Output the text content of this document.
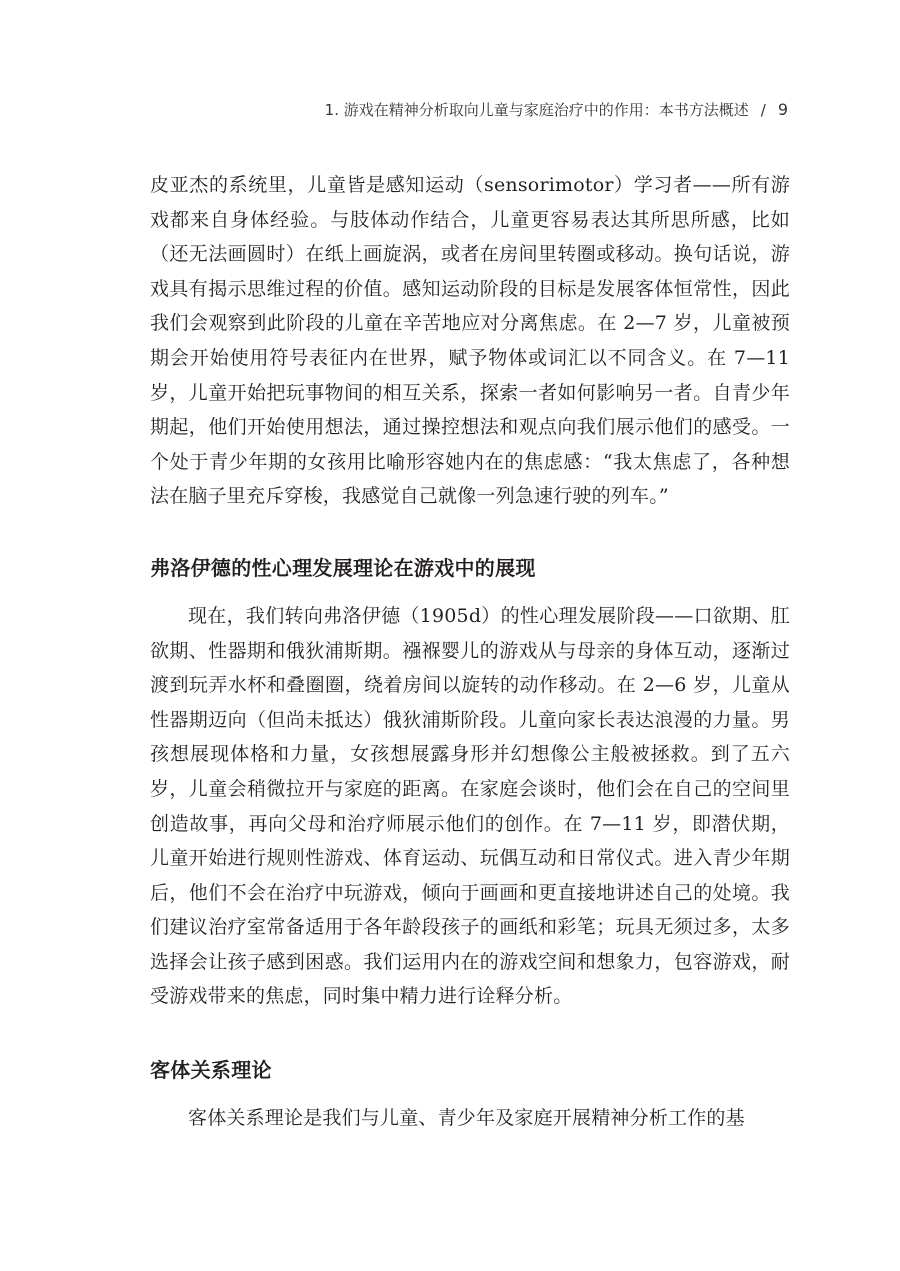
1. 游戏在精神分析取向儿童与家庭治疗中的作用：本书方法概述 / 9

皮亚杰的系统里，儿童皆是感知运动（sensorimotor）学习者——所有游戏都来自身体经验。与肢体动作结合，儿童更容易表达其所思所感，比如（还无法画圆时）在纸上画旋涡，或者在房间里转圈或移动。换句话说，游戏具有揭示思维过程的价值。感知运动阶段的目标是发展客体恒常性，因此我们会观察到此阶段的儿童在辛苦地应对分离焦虑。在 2—7 岁，儿童被预期会开始使用符号表征内在世界，赋予物体或词汇以不同含义。在 7—11 岁，儿童开始把玩事物间的相互关系，探索一者如何影响另一者。自青少年期起，他们开始使用想法，通过操控想法和观点向我们展示他们的感受。一个处于青少年期的女孩用比喻形容她内在的焦虑感：“我太焦虑了，各种想法在脑子里充斥穿梭，我感觉自己就像一列急速行驶的列车。”

弗洛伊德的性心理发展理论在游戏中的展现

现在，我们转向弗洛伊德（1905d）的性心理发展阶段——口欲期、肛欲期、性器期和俄狄浦斯期。襁褓婴儿的游戏从与母亲的身体互动，逐渐过渡到玩弄水杯和叠圈圈，绕着房间以旋转的动作移动。在 2—6 岁，儿童从性器期迈向（但尚未抵达）俄狄浦斯阶段。儿童向家长表达浪漫的力量。男孩想展现体格和力量，女孩想展露身形并幻想像公主般被拯救。到了五六岁，儿童会稍微拉开与家庭的距离。在家庭会谈时，他们会在自己的空间里创造故事，再向父母和治疗师展示他们的创作。在 7—11 岁，即潜伏期，儿童开始进行规则性游戏、体育运动、玩偶互动和日常仪式。进入青少年期后，他们不会在治疗中玩游戏，倾向于画画和更直接地讲述自己的处境。我们建议治疗室常备适用于各年龄段孩子的画纸和彩笔；玩具无须过多，太多选择会让孩子感到困惑。我们运用内在的游戏空间和想象力，包容游戏，耐受游戏带来的焦虑，同时集中精力进行诠释分析。

客体关系理论

客体关系理论是我们与儿童、青少年及家庭开展精神分析工作的基
